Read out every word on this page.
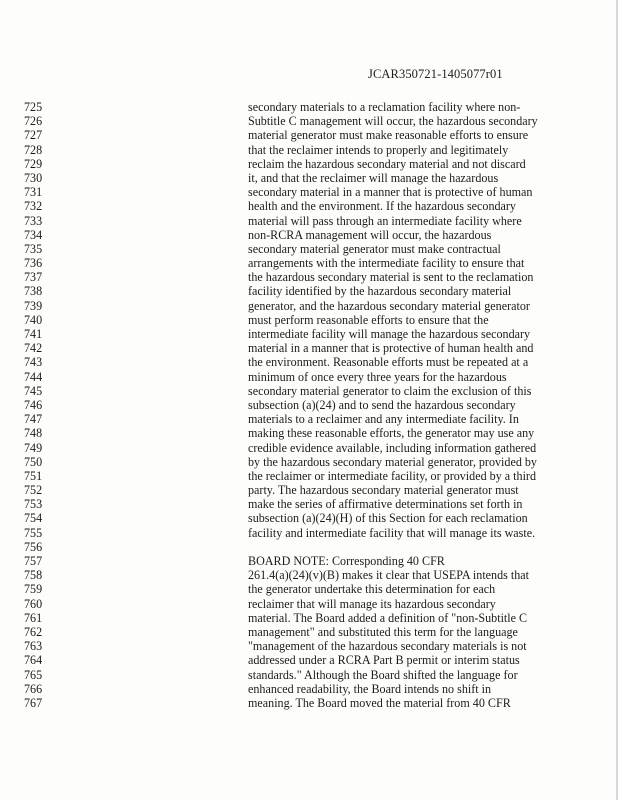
JCAR350721-1405077r01
725	secondary materials to a reclamation facility where non-
726	Subtitle C management will occur, the hazardous secondary
727	material generator must make reasonable efforts to ensure
728	that the reclaimer intends to properly and legitimately
729	reclaim the hazardous secondary material and not discard
730	it, and that the reclaimer will manage the hazardous
731	secondary material in a manner that is protective of human
732	health and the environment. If the hazardous secondary
733	material will pass through an intermediate facility where
734	non-RCRA management will occur, the hazardous
735	secondary material generator must make contractual
736	arrangements with the intermediate facility to ensure that
737	the hazardous secondary material is sent to the reclamation
738	facility identified by the hazardous secondary material
739	generator, and the hazardous secondary material generator
740	must perform reasonable efforts to ensure that the
741	intermediate facility will manage the hazardous secondary
742	material in a manner that is protective of human health and
743	the environment. Reasonable efforts must be repeated at a
744	minimum of once every three years for the hazardous
745	secondary material generator to claim the exclusion of this
746	subsection (a)(24) and to send the hazardous secondary
747	materials to a reclaimer and any intermediate facility. In
748	making these reasonable efforts, the generator may use any
749	credible evidence available, including information gathered
750	by the hazardous secondary material generator, provided by
751	the reclaimer or intermediate facility, or provided by a third
752	party. The hazardous secondary material generator must
753	make the series of affirmative determinations set forth in
754	subsection (a)(24)(H) of this Section for each reclamation
755	facility and intermediate facility that will manage its waste.
756
757	BOARD NOTE: Corresponding 40 CFR
758	261.4(a)(24)(v)(B) makes it clear that USEPA intends that
759	the generator undertake this determination for each
760	reclaimer that will manage its hazardous secondary
761	material. The Board added a definition of "non-Subtitle C
762	management" and substituted this term for the language
763	"management of the hazardous secondary materials is not
764	addressed under a RCRA Part B permit or interim status
765	standards." Although the Board shifted the language for
766	enhanced readability, the Board intends no shift in
767	meaning. The Board moved the material from 40 CFR
